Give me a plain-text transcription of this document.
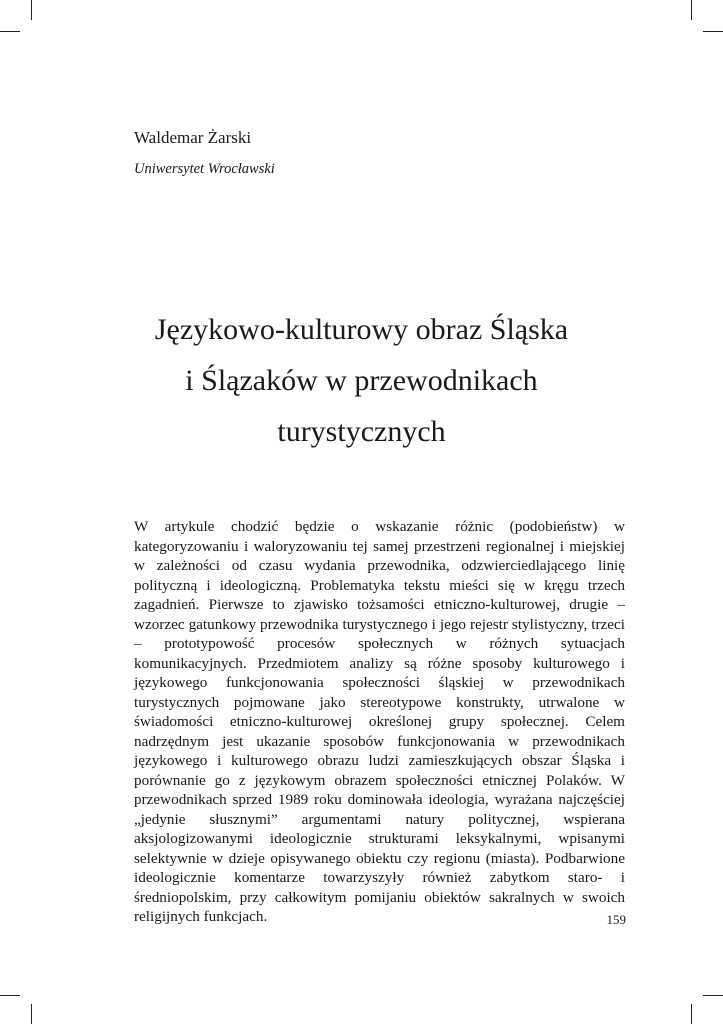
Waldemar Żarski
Uniwersytet Wrocławski
Językowo-kulturowy obraz Śląska
i Ślązaków w przewodnikach
turystycznych

W artykule chodzić będzie o wskazanie różnic (podobieństw) w kategoryzowaniu i waloryzowaniu tej samej przestrzeni regionalnej i miejskiej w zależności od czasu wydania przewodnika, odzwierciedlającego linię polityczną i ideologiczną. Problematyka tekstu mieści się w kręgu trzech zagadnień. Pierwsze to zjawisko tożsamości etniczno-kulturowej, drugie – wzorzec gatunkowy przewodnika turystycznego i jego rejestr stylistyczny, trzeci – prototypowość procesów społecznych w różnych sytuacjach komunikacyjnych. Przedmiotem analizy są różne sposoby kulturowego i językowego funkcjonowania społeczności śląskiej w przewodnikach turystycznych pojmowane jako stereotypowe konstrukty, utrwalone w świadomości etniczno-kulturowej określonej grupy społecznej. Celem nadrzędnym jest ukazanie sposobów funkcjonowania w przewodnikach językowego i kulturowego obrazu ludzi zamieszkujących obszar Śląska i porównanie go z językowym obrazem społeczności etnicznej Polaków. W przewodnikach sprzed 1989 roku dominowała ideologia, wyrażana najczęściej „jedynie słusznymi” argumentami natury politycznej, wspierana aksjologizowanymi ideologicznie strukturami leksykalnymi, wpisanymi selektywnie w dzieje opisywanego obiektu czy regionu (miasta). Podbarwione ideologicznie komentarze towarzyszyły również zabytkom staro- i średniopolskim, przy całkowitym pomijaniu obiektów sakralnych w swoich religijnych funkcjach.	159
